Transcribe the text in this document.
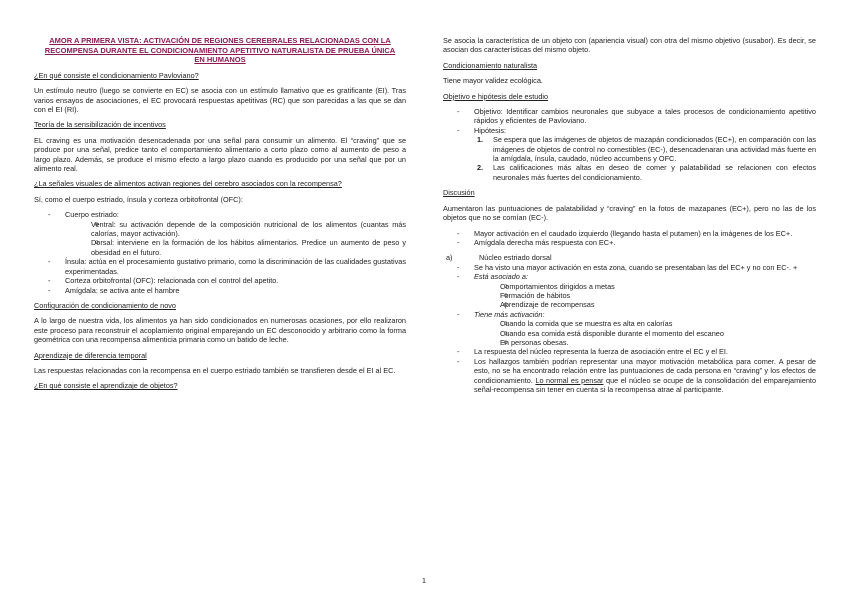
AMOR A PRIMERA VISTA: ACTIVACIÓN DE REGIONES CEREBRALES RELACIONADAS CON LA RECOMPENSA DURANTE EL CONDICIONAMIENTO APETITIVO NATURALISTA DE PRUEBA ÚNICA EN HUMANOS
¿En qué consiste el condicionamiento Pavloviano?

Un estímulo neutro (luego se convierte en EC) se asocia con un estímulo llamativo que es gratificante (EI). Tras varios ensayos de asociaciones, el EC provocará respuestas apetitivas (RC) que son parecidas a las que se dan con el EI (RI).

Teoría de la sensibilización de incentivos

EL craving es una motivación desencadenada por una señal para consumir un alimento. El “craving” que se produce por una señal, predice tanto el comportamiento alimentario a corto plazo como al aumento de peso a largo plazo. Además, se produce el mismo efecto a largo plazo cuando es producido por una señal que por un alimento real.

¿La señales visuales de alimentos activan regiones del cerebro asociados con la recompensa?

Sí, como el cuerpo estriado, ínsula y corteza orbitofrontal (OFC):

- Cuerpo estriado:
o Ventral: su activación depende de la composición nutricional de los alimentos (cuantas más calorías, mayor activación).
o Dorsal: interviene en la formación de los hábitos alimentarios. Predice un aumento de peso y obesidad en el futuro.
- Ínsula: actúa en el procesamiento gustativo primario, como la discriminación de las cualidades gustativas experimentadas.
- Corteza orbitofrontal (OFC): relacionada con el control del apetito.
- Amígdala: se activa ante el hambre
Configuración de condicionamiento de novo

A lo largo de nuestra vida, los alimentos ya han sido condicionados en numerosas ocasiones, por ello realizaron este proceso para reconstruir el acoplamiento original emparejando un EC desconocido y arbitrario como la forma geométrica con una recompensa alimenticia primaria como un batido de leche.

Aprendizaje de diferencia temporal

Las respuestas relacionadas con la recompensa en el cuerpo estriado también se transfieren desde el EI al EC.

¿En qué consiste el aprendizaje de objetos?

Se asocia la característica de un objeto con (apariencia visual) con otra del mismo objetivo (susabor). Es decir, se asocian dos características del mismo objeto.

Condicionamiento naturalista

Tiene mayor validez ecológica.

Objetivo e hipótesis dele estudio
- Objetivo: Identificar cambios neuronales que subyace a tales procesos de condicionamiento apetitivo rápidos y eficientes de Pavloviano.
- Hipótesis:
1. Se espera que las imágenes de objetos de mazapán condicionados (EC+), en comparación con las imágenes de objetos de control no comestibles (EC-), desencadenaran una actividad más fuerte en la amígdala, ínsula, caudado, núcleo accumbens y OFC.
2. Las calificaciones más altas en deseo de comer y palatabilidad se relacionen con efectos neuronales más fuertes del condicionamiento.
Discusión

Aumentaron las puntuaciones de palatabilidad y “craving” en la fotos de mazapanes (EC+), pero no las de los objetos que no se comían (EC-).

- Mayor activación en el caudado izquierdo (llegando hasta el putamen) en la imágenes de los EC+.
- Amígdala derecha más respuesta con EC+.
a)	Núcleo estriado dorsal
- Se ha visto una mayor activación en esta zona, cuando se presentaban las del EC+ y no con EC-. +
- Está asociado a:
o Comportamientos dirigidos a metas
o Formación de hábitos
o Aprendizaje de recompensas
- Tiene más activación:
o Cuando la comida que se muestra es alta en calorías
o Cuando esa comida está disponible durante el momento del escaneo
o En personas obesas.
- La respuesta del núcleo representa la fuerza de asociación entre el EC y el EI.
- Los hallazgos también podrían representar una mayor motivación metabólica para comer. A pesar de esto, no se ha encontrado relación entre las puntuaciones de cada persona en “craving” y los efectos de condicionamiento. Lo normal es pensar que el núcleo se ocupe de la consolidación del emparejamiento señal-recompensa sin tener en cuenta si la recompensa atrae al participante.
1
